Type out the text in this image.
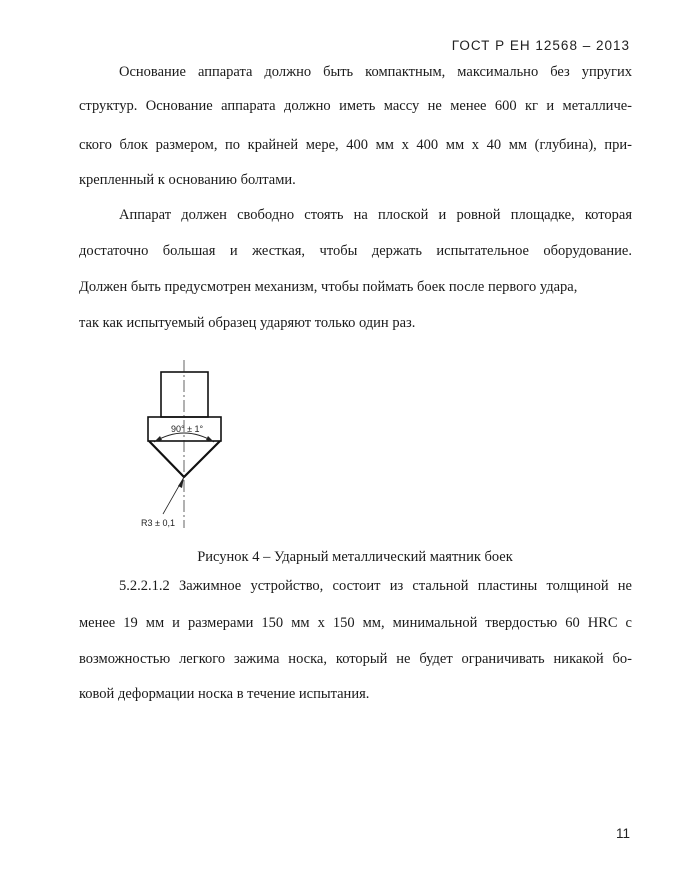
ГОСТ Р ЕН 12568 – 2013
Основание аппарата должно быть компактным, максимально без упругих
структур. Основание аппарата должно иметь массу не менее 600 кг и металличе-
ского блок размером, по крайней мере, 400 мм х 400 мм х 40 мм (глубина), при-
крепленный к основанию болтами.
Аппарат должен свободно стоять на плоской и ровной площадке, которая
достаточно большая и жесткая, чтобы держать испытательное оборудование.
Должен быть предусмотрен механизм, чтобы поймать боек после первого удара,
так как испытуемый образец ударяют только один раз.
90° ± 1°
R3 ± 0,1
Рисунок 4 – Ударный металлический маятник боек
5.2.2.1.2 Зажимное устройство, состоит из стальной пластины толщиной не
менее 19 мм и размерами 150 мм х 150 мм, минимальной твердостью 60 HRC с
возможностью легкого зажима носка, который не будет ограничивать никакой бо-
ковой деформации носка в течение испытания.
11
